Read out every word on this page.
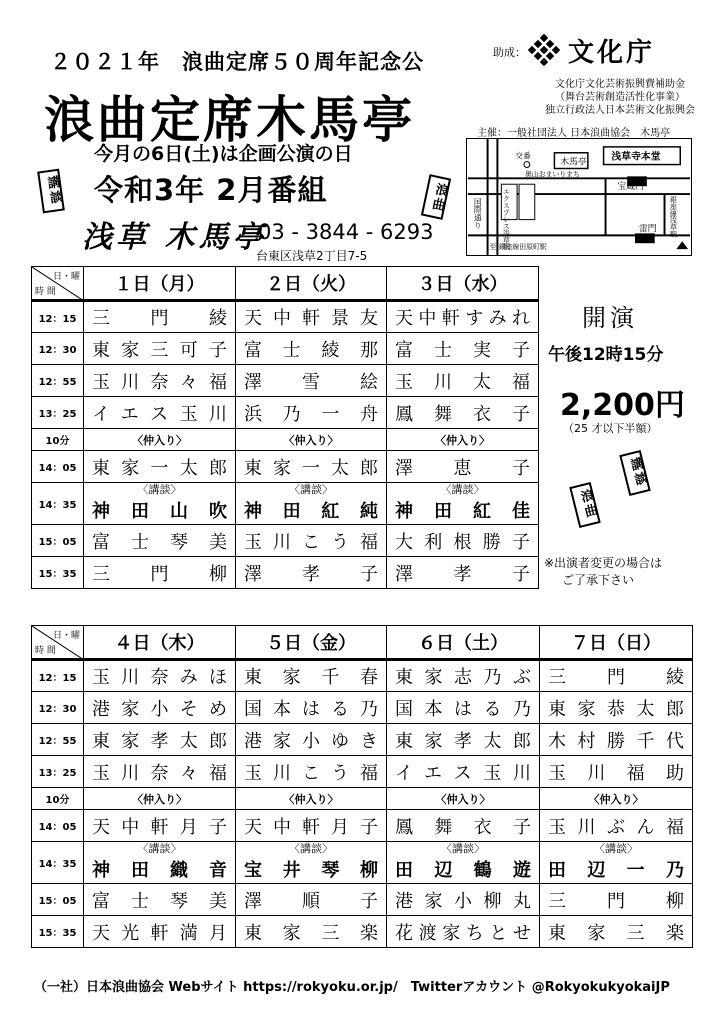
２０２１年　浪曲定席５０周年記念公
浪曲定席木馬亭
今月の6日(土)は企画公演の日
令和3年 2月番組
浅草 木馬亭
03 - 3844 - 6293
台東区浅草2丁目7-5
講談	浪曲
助成： 文化庁
文化庁文化芸術振興費補助金
（舞台芸術創造活性化事業）
独立行政法人日本芸術文化振興会
主催：一般社団法人 日本浪曲協会　木馬亭
交番
木馬亭 浅草寺本堂
奥山おまいりまち
宝蔵門
国際通り	エクスプレス浅草駅	銀座線浅草駅
雷門
至 銀座線田原町駅
日・曜
時 間	１日（月）	２日（火）	３日（水）
12：15	三門綾	天中軒景友	天中軒すみれ
12：30	東家三可子	富士綾那	富士実子
12：55	玉川奈々福	澤雪絵	玉川太福
13：25	イエス玉川	浜乃一舟	鳳舞衣子
10分	〈仲入り〉	〈仲入り〉	〈仲入り〉
14：05	東家一太郎	東家一太郎	澤恵子
14：35	〈講談〉	〈講談〉	〈講談〉
	神田山吹	神田紅純	神田紅佳
15：05	富士琴美	玉川こう福	大利根勝子
15：35	三門柳	澤孝子	澤孝子
日・曜
時 間	４日（木）	５日（金）	６日（土）	７日（日）
12：15	玉川奈みほ	東家千春	東家志乃ぶ	三門綾
12：30	港家小そめ	国本はる乃	国本はる乃	東家恭太郎
12：55	東家孝太郎	港家小ゆき	東家孝太郎	木村勝千代
13：25	玉川奈々福	玉川こう福	イエス玉川	玉川福助
10分	〈仲入り〉	〈仲入り〉	〈仲入り〉	〈仲入り〉
14：05	天中軒月子	天中軒月子	鳳舞衣子	玉川ぶん福
14：35	〈講談〉	〈講談〉	〈講談〉	〈講談〉
	神田織音	宝井琴柳	田辺鶴遊	田辺一乃
15：05	富士琴美	澤順子	港家小柳丸	三門柳
15：35	天光軒満月	東家三楽	花渡家ちとせ	東家三楽
開演
午後12時15分
2,200円
（25 才以下半額）
講談
浪曲
※出演者変更の場合は
ご了承下さい
（一社）日本浪曲協会 Webサイト https://rokyoku.or.jp/　Twitterアカウント @RokyokukyokaiJP
